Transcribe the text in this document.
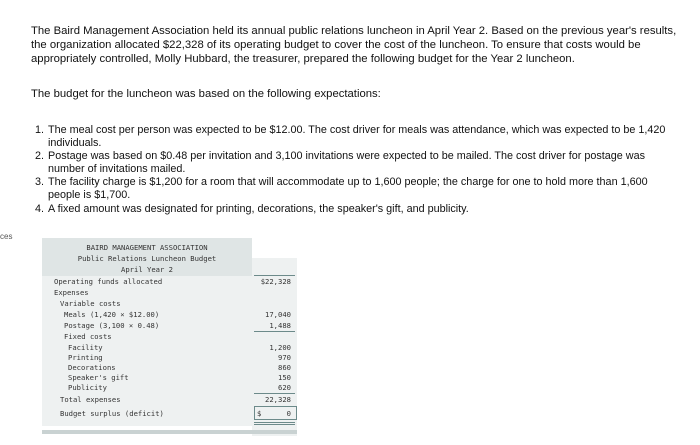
ces

The Baird Management Association held its annual public relations luncheon in April Year 2. Based on the previous year's results, the organization allocated $22,328 of its operating budget to cover the cost of the luncheon. To ensure that costs would be appropriately controlled, Molly Hubbard, the treasurer, prepared the following budget for the Year 2 luncheon.

The budget for the luncheon was based on the following expectations:
1. The meal cost per person was expected to be $12.00. The cost driver for meals was attendance, which was expected to be 1,420 individuals.
2. Postage was based on $0.48 per invitation and 3,100 invitations were expected to be mailed. The cost driver for postage was number of invitations mailed.
3. The facility charge is $1,200 for a room that will accommodate up to 1,600 people; the charge for one to hold more than 1,600 people is $1,700.
4. A fixed amount was designated for printing, decorations, the speaker's gift, and publicity.
BAIRD MANAGEMENT ASSOCIATION
Public Relations Luncheon Budget
April Year 2
Operating funds allocated	$22,328
Expenses
Variable costs
Meals (1,420 × $12.00)	17,040
Postage (3,100 × 0.48)	1,488
Fixed costs
Facility	1,200
Printing	970
Decorations	860
Speaker's gift	150
Publicity	620
Total expenses	22,328
Budget surplus (deficit)	$	0
